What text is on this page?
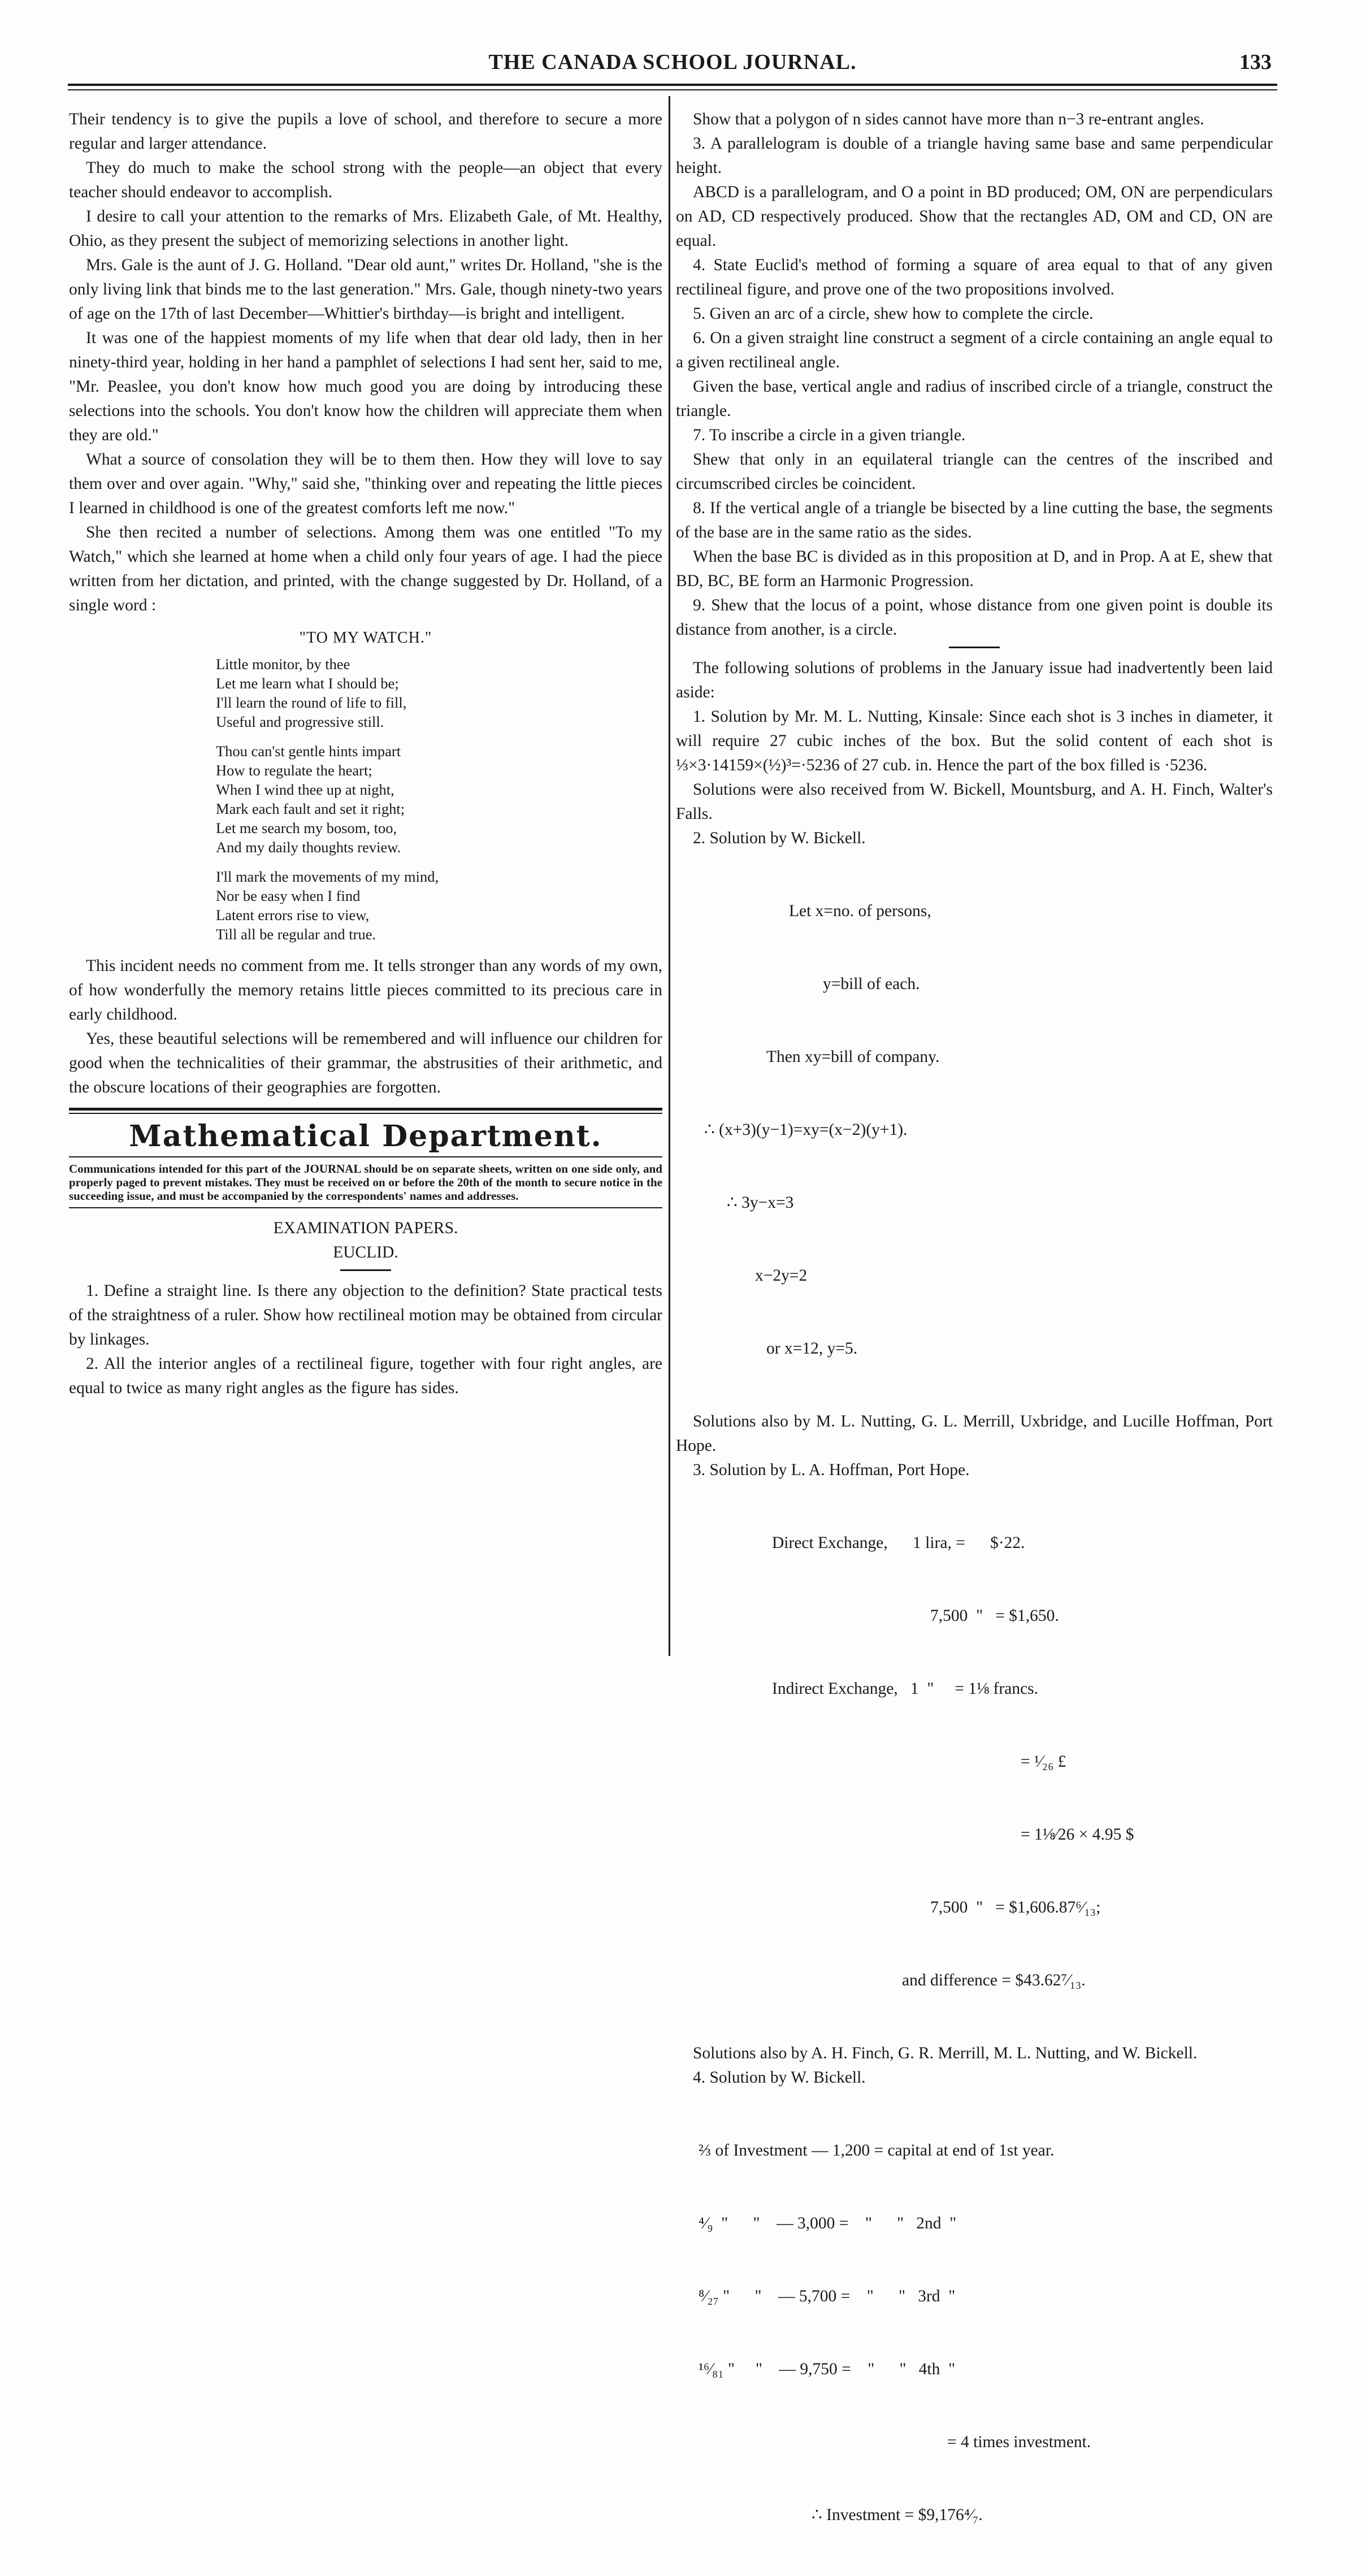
THE CANADA SCHOOL JOURNAL.	133

Their tendency is to give the pupils a love of school, and therefore to secure a more regular and larger attendance.

They do much to make the school strong with the people—an object that every teacher should endeavor to accomplish.

I desire to call your attention to the remarks of Mrs. Elizabeth Gale, of Mt. Healthy, Ohio, as they present the subject of memorizing selections in another light.

Mrs. Gale is the aunt of J. G. Holland. "Dear old aunt," writes Dr. Holland, "she is the only living link that binds me to the last generation." Mrs. Gale, though ninety-two years of age on the 17th of last December—Whittier's birthday—is bright and intelligent.

It was one of the happiest moments of my life when that dear old lady, then in her ninety-third year, holding in her hand a pamphlet of selections I had sent her, said to me, "Mr. Peaslee, you don't know how much good you are doing by introducing these selections into the schools. You don't know how the children will appreciate them when they are old."

What a source of consolation they will be to them then. How they will love to say them over and over again. "Why," said she, "thinking over and repeating the little pieces I learned in childhood is one of the greatest comforts left me now."

She then recited a number of selections. Among them was one entitled "To my Watch," which she learned at home when a child only four years of age. I had the piece written from her dictation, and printed, with the change suggested by Dr. Holland, of a single word :

"TO MY WATCH."
Little monitor, by thee
Let me learn what I should be;
I'll learn the round of life to fill,
Useful and progressive still.
Thou can'st gentle hints impart
How to regulate the heart;
When I wind thee up at night,
Mark each fault and set it right;
Let me search my bosom, too,
And my daily thoughts review.
I'll mark the movements of my mind,
Nor be easy when I find
Latent errors rise to view,
Till all be regular and true.

This incident needs no comment from me. It tells stronger than any words of my own, of how wonderfully the memory retains little pieces committed to its precious care in early childhood.

Yes, these beautiful selections will be remembered and will influence our children for good when the technicalities of their grammar, the abstrusities of their arithmetic, and the obscure locations of their geographies are forgotten.

Mathematical Department.
Communications intended for this part of the JOURNAL should be on separate sheets, written on one side only, and properly paged to prevent mistakes. They must be received on or before the 20th of the month to secure notice in the succeeding issue, and must be accompanied by the correspondents' names and addresses.
EXAMINATION PAPERS.
EUCLID.

1. Define a straight line. Is there any objection to the definition? State practical tests of the straightness of a ruler. Show how rectilineal motion may be obtained from circular by linkages.

2. All the interior angles of a rectilineal figure, together with four right angles, are equal to twice as many right angles as the figure has sides.

Show that a polygon of n sides cannot have more than n−3 re-entrant angles.

3. A parallelogram is double of a triangle having same base and same perpendicular height.

ABCD is a parallelogram, and O a point in BD produced; OM, ON are perpendiculars on AD, CD respectively produced. Show that the rectangles AD, OM and CD, ON are equal.

4. State Euclid's method of forming a square of area equal to that of any given rectilineal figure, and prove one of the two propositions involved.

5. Given an arc of a circle, shew how to complete the circle.

6. On a given straight line construct a segment of a circle containing an angle equal to a given rectilineal angle.

Given the base, vertical angle and radius of inscribed circle of a triangle, construct the triangle.

7. To inscribe a circle in a given triangle.

Shew that only in an equilateral triangle can the centres of the inscribed and circumscribed circles be coincident.

8. If the vertical angle of a triangle be bisected by a line cutting the base, the segments of the base are in the same ratio as the sides.

When the base BC is divided as in this proposition at D, and in Prop. A at E, shew that BD, BC, BE form an Harmonic Progression.

9. Shew that the locus of a point, whose distance from one given point is double its distance from another, is a circle.

The following solutions of problems in the January issue had inadvertently been laid aside:

1. Solution by Mr. M. L. Nutting, Kinsale: Since each shot is 3 inches in diameter, it will require 27 cubic inches of the box. But the solid content of each shot is ⅓×3·14159×(½)³=·5236 of 27 cub. in. Hence the part of the box filled is ·5236.

Solutions were also received from W. Bickell, Mountsburg, and A. H. Finch, Walter's Falls.

2. Solution by W. Bickell.

Let x=no. of persons,

y=bill of each.

Then xy=bill of company.

∴ (x+3)(y−1)=xy=(x−2)(y+1).

∴ 3y−x=3

x−2y=2

or x=12, y=5.

Solutions also by M. L. Nutting, G. L. Merrill, Uxbridge, and Lucille Hoffman, Port Hope.

3. Solution by L. A. Hoffman, Port Hope.

Direct Exchange,      1 lira, =      $·22.

7,500  "   = $1,650.

Indirect Exchange,   1  "     = 1⅛ francs.

= ¹⁄₂₆ £

= 1⅛⁄26 × 4.95 $

7,500  "   = $1,606.87⁶⁄₁₃;

and difference = $43.62⁷⁄₁₃.

Solutions also by A. H. Finch, G. R. Merrill, M. L. Nutting, and W. Bickell.

4. Solution by W. Bickell.

⅔ of Investment — 1,200 = capital at end of 1st year.

⁴⁄₉  "      "    — 3,000 =    "      "   2nd  "

⁸⁄₂₇ "      "    — 5,700 =    "      "   3rd  "

¹⁶⁄₈₁ "     "    — 9,750 =    "      "   4th  "

= 4 times investment.

∴ Investment = $9,176⁴⁄₇.
